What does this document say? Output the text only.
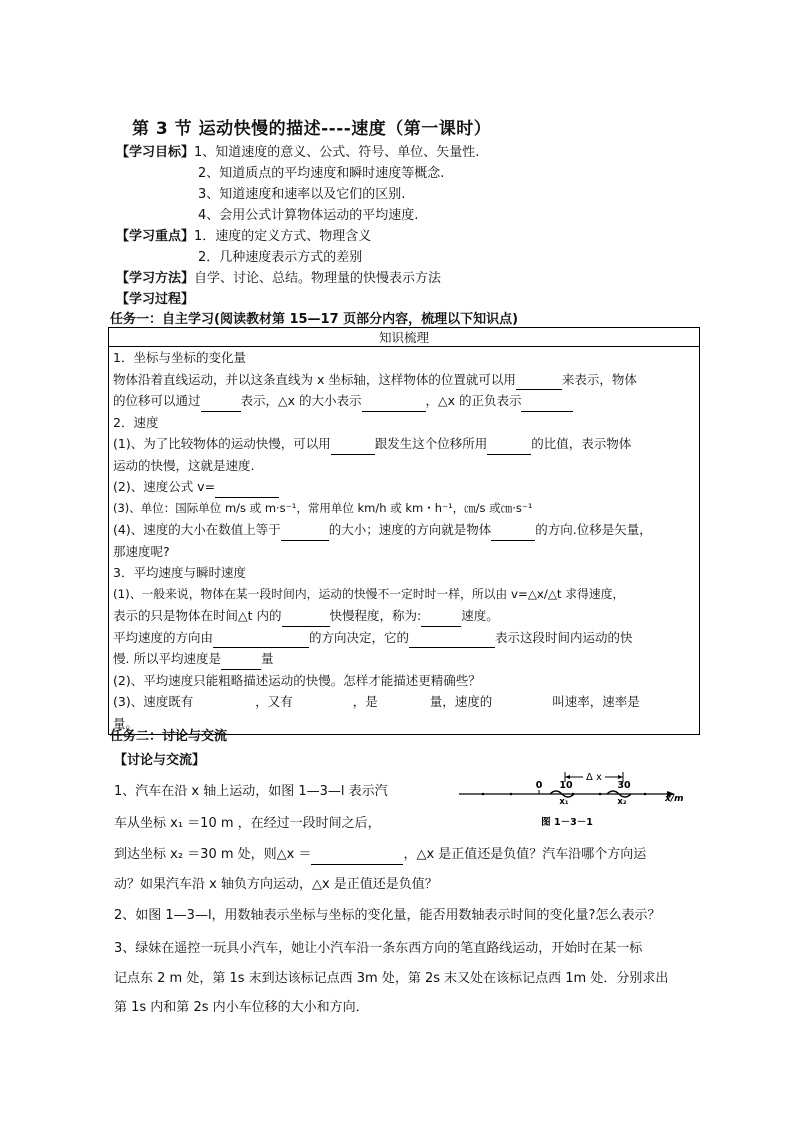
第 3 节 运动快慢的描述----速度（第一课时）
【学习目标】1、知道速度的意义、公式、符号、单位、矢量性.
2、知道质点的平均速度和瞬时速度等概念.
3、知道速度和速率以及它们的区别.
4、会用公式计算物体运动的平均速度.
【学习重点】1．速度的定义方式、物理含义
2．几种速度表示方式的差别
【学习方法】自学、讨论、总结。物理量的快慢表示方法
【学习过程】
任务一：自主学习(阅读教材第 15—17 页部分内容，梳理以下知识点)
知识梳理

1．坐标与坐标的变化量
物体沿着直线运动，并以这条直线为 x 坐标轴，这样物体的位置就可以用	来表示，物体
的位移可以通过	表示，△x 的大小表示	，△x 的正负表示
2．速度
(1)、为了比较物体的运动快慢，可以用	跟发生这个位移所用	的比值，表示物体
运动的快慢，这就是速度.
(2)、速度公式 v=
(3)、单位：国际单位 m/s 或 m·s⁻¹，常用单位 km/h 或 km・h⁻¹，㎝/s 或㎝·s⁻¹
(4)、速度的大小在数值上等于	的大小；速度的方向就是物体	的方向.位移是矢量，
那速度呢?
3．平均速度与瞬时速度
(1)、一般来说，物体在某一段时间内，运动的快慢不一定时时一样，所以由 v=△x/△t 求得速度，
表示的只是物体在时间△t 内的	快慢程度，称为:	速度。
平均速度的方向由	的方向决定，它的	表示这段时间内运动的快
慢. 所以平均速度是	量
(2)、平均速度只能粗略描述运动的快慢。怎样才能描述更精确些？
(3)、速度既有	，又有	，是	量，速度的	叫速率，速率是
量。
任务二：讨论与交流
【讨论与交流】
1、汽车在沿 x 轴上运动，如图 1—3—l 表示汽
车从坐标 x₁ ＝10 m ，在经过一段时间之后，
到达坐标 x₂ ＝30 m 处，则△x ＝	，△x 是正值还是负值？汽车沿哪个方向运
动？如果汽车沿 x 轴负方向运动，△x 是正值还是负值？
Δ x
0 10	30
x₁	x₂	x/m
图 1－3－1
2、如图 1—3—l，用数轴表示坐标与坐标的变化量，能否用数轴表示时间的变化量?怎么表示？
3、绿妹在遥控一玩具小汽车，她让小汽车沿一条东西方向的笔直路线运动，开始时在某一标
记点东 2 m 处，第 1s 末到达该标记点西 3m 处，第 2s 末又处在该标记点西 1m 处．分别求出
第 1s 内和第 2s 内小车位移的大小和方向．
